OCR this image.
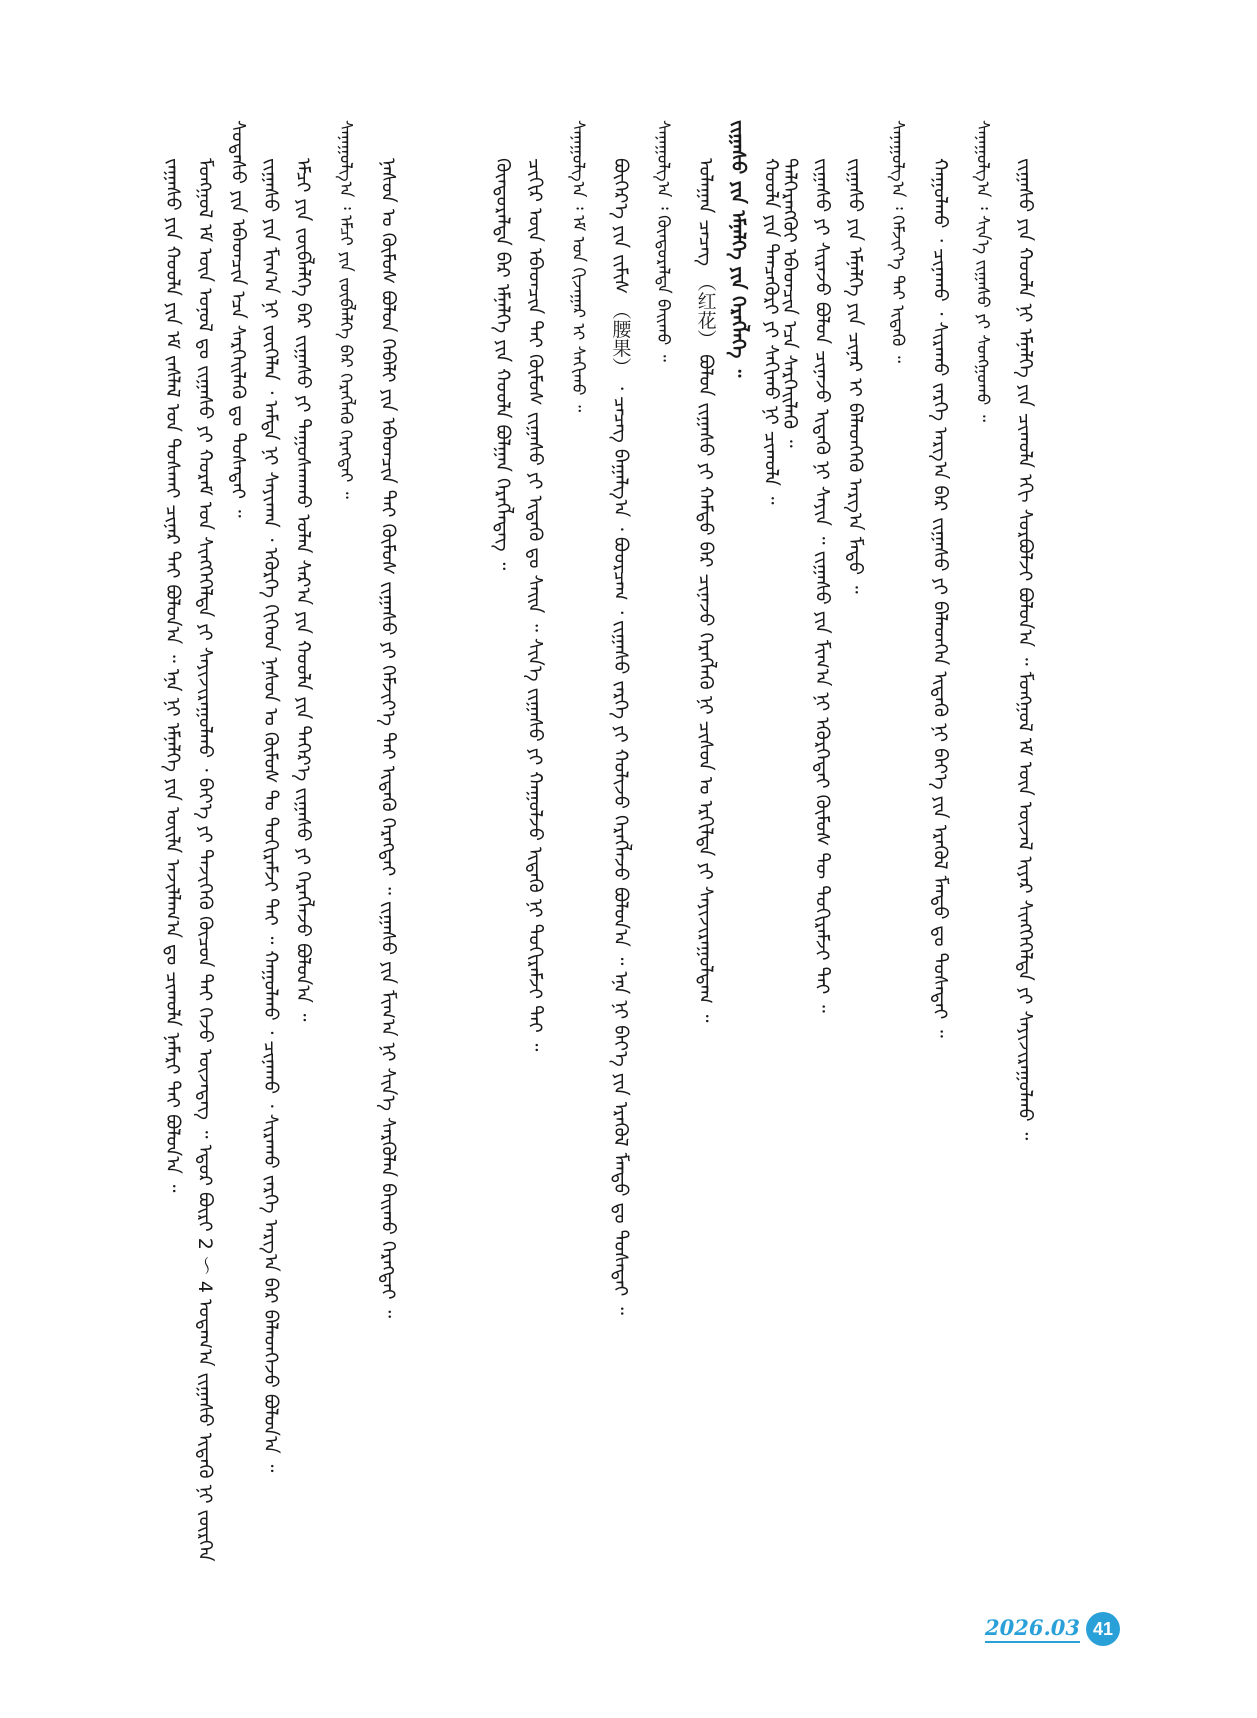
ᠵᠠᠭᠠᠰᠤ ᠶᠢᠨ ᠬᠣᠣᠯᠠ ᠶᠢᠨ ᠡᠮ ᠵᠠᠰᠯᠠᠯ ᠤᠨ ᠲᠤᠰᠬᠠᠢ ᠴᠢᠨᠠᠷ ᠲᠠᠢ ᠪᠣᠯᠤᠨ᠎ᠠ ᠃ ᠡᠨᠡ ᠨᠢ ᠡᠮᠨᠡᠯᠭᠡ ᠶᠢᠨ ᠦᠢᠯᠡ ᠠᠵᠢᠯᠯᠠᠭ᠎ᠠ ᠳᠤ ᠴᠢᠬᠤᠯᠠ ᠨᠡᠮᠡᠷᠢ ᠲᠠᠢ ᠪᠣᠯᠤᠨ᠎ᠠ ᠃ ᠮᠣᠩᠭᠣᠯ ᠡᠮ ᠦᠨ ᠣᠨᠣᠯ ᠳᠤ ᠵᠢᠭᠠᠰᠤ ᠶᠢ ᠬᠤᠷᠠᠮ ᠤᠨ ᠰᠢᠩᠭᠡᠭᠡᠯᠲᠡ ᠶᠢ ᠰᠠᠶᠢᠵᠢᠷᠠᠭᠤᠯᠬᠤ ᠂ ᠪᠡᠶ᠎ᠡ ᠶᠢ ᠲᠡᠵᠢᠭᠡᠬᠦ ᠬᠦᠴᠦᠨ ᠲᠠᠢ ᠭᠡᠵᠦ ᠦᠵᠡᠳᠡᠭ ᠃ ᠡᠳᠦᠷ ᠪᠦᠷᠢ 2 ～ 4 ᠤᠳᠠᠭ᠎ᠠ ᠵᠢᠭᠠᠰᠤ ᠢᠳᠡᠬᠦ ᠨᠢ ᠵᠦᠷᠬᠡᠨ ᠰᠤᠳᠠᠰᠤ ᠶᠢᠨ ᠡᠪᠡᠳᠴᠢᠨ ᠡᠴᠡ ᠰᠡᠷᠭᠡᠢᠯᠡᠬᠦ ᠳᠤ ᠲᠤᠰᠠᠲᠠᠢ ᠃ ᠵᠢᠭᠠᠰᠤ ᠶᠢᠨ ᠮᠢᠬ᠎ᠠ ᠨᠢ ᠵᠥᠭᠡᠯᠡᠨ ᠂ ᠠᠮᠲᠠ ᠨᠢ ᠰᠠᠶᠢᠬᠠᠨ ᠂ ᠡᠭᠦᠷᠭᠡ ᠬᠢᠭᠡᠳ ᠨᠠᠰᠤᠨ ᠤ ᠬᠦᠮᠦᠰ ᠲᠤ ᠲᠣᠬᠢᠷᠠᠮᠵᠢ ᠲᠠᠢ ᠃ ᠬᠠᠭᠤᠯᠬᠤ ᠂ ᠴᠢᠨᠠᠬᠤ ᠂ ᠰᠢᠷᠠᠬᠤ ᠵᠡᠷᠭᠡ ᠠᠷᠭ᠎ᠠ ᠪᠠᠷ ᠪᠡᠯᠡᠳᠬᠡᠵᠦ ᠪᠣᠯᠤᠨ᠎ᠠ ᠃ ᠡᠮᠴᠢ ᠶᠢᠨ ᠵᠥᠪᠯᠡᠯᠭᠡ ᠪᠡᠷ ᠵᠢᠭᠠᠰᠤ ᠶᠢ ᠳᠠᠭᠤᠰᠬᠠᠬᠤ ᠤᠯᠠᠨ ᠰᠠᠷ᠎ᠠ ᠶᠢᠨ ᠬᠣᠣᠯᠠ ᠶᠢᠨ ᠳᠡᠭᠡᠷ᠎ᠡ ᠵᠢᠭᠠᠰᠤ ᠶᠢ ᠬᠡᠷᠡᠭᠯᠡᠵᠦ ᠪᠣᠯᠤᠨ᠎ᠠ ᠃	ᠰᠠᠨᠠᠭᠤᠯᠭ᠎ᠠ ᠄ ᠡᠮᠴᠢ ᠶᠢᠨ ᠵᠦᠪᠯᠡᠯᠭᠡ ᠪᠡᠷ ᠬᠡᠷᠡᠭᠯᠡᠬᠦ ᠬᠡᠷᠡᠭᠲᠡᠢ ᠃	ᠨᠠᠰᠤᠨ ᠤ ᠬᠦᠮᠦᠰ ᠪᠣᠯᠤᠨ ᠬᠡᠪᠡᠯᠢ ᠶᠢᠨ ᠡᠪᠡᠳᠴᠢᠨ ᠲᠡᠢ ᠬᠦᠮᠦᠰ ᠵᠢᠭᠠᠰᠤ ᠶᠢ ᠬᠡᠮᠵᠢᠶ᠎ᠡ ᠲᠠᠢ ᠢᠳᠡᠬᠦ ᠬᠡᠷᠡᠭᠲᠡᠢ ᠃ ᠵᠢᠭᠠᠰᠤ ᠶᠢᠨ ᠮᠢᠬ᠎ᠠ ᠨᠢ ᠰᠢᠨ᠎ᠡ ᠰᠡᠷᠭᠦᠯᠡᠨ ᠪᠠᠢᠬᠤ ᠬᠡᠷᠡᠭᠲᠡᠢ ᠃	ᠬᠦᠨᠳᠦᠷᠡᠯᠲᠡ ᠪᠡᠷ ᠡᠮᠨᠡᠯᠭᠡ ᠶᠢᠨ ᠬᠣᠣᠯᠠ ᠪᠣᠯᠭᠠᠨ ᠬᠡᠷᠡᠭᠯᠡᠳᠡᠭ ᠃ ᠴᠢᠬᠢᠷ ᠦᠨ ᠡᠪᠡᠳᠴᠢᠨ ᠲᠡᠢ ᠬᠦᠮᠦᠰ ᠵᠢᠭᠠᠰᠤ ᠶᠢ ᠢᠳᠡᠬᠦ ᠳᠤ ᠰᠠᠢᠨ ᠃ ᠰᠢᠨ᠎ᠡ ᠵᠢᠭᠠᠰᠤ ᠶᠢ ᠬᠠᠭᠤᠯᠵᠤ ᠢᠳᠡᠬᠦ ᠨᠢ ᠲᠣᠬᠢᠷᠠᠮᠵᠢ ᠲᠠᠢ ᠃	ᠰᠠᠨᠠᠭᠤᠯᠭ᠎ᠠ ᠄ ᠡᠮ ᠤᠨ ᠬᠢᠵᠠᠭᠠᠷ ᠢ ᠰᠠᠬᠢᠬᠤ ᠃	ᠪᠥᠭᠡᠷ᠎ᠡ ᠶᠢᠨ ᠵᠢᠮᠢᠰ （腰果） ᠂ ᠴᠡᠴᠡᠭ ᠪᠠᠭᠠᠯᠭ᠎ᠠ ᠂ ᠪᠣᠣᠷᠴᠠᠭ ᠂ ᠵᠢᠭᠠᠰᠤ ᠵᠡᠷᠭᠡ ᠶᠢ ᠬᠣᠯᠢᠵᠤ ᠬᠡᠷᠡᠭᠯᠡᠵᠦ ᠪᠣᠯᠤᠨ᠎ᠠ ᠃ ᠡᠨᠡ ᠨᠢ ᠪᠡᠶ᠎ᠡ ᠶᠢᠨ ᠡᠷᠡᠭᠦᠯ ᠮᠡᠨᠳᠦ ᠳᠤ ᠲᠤᠰᠠᠲᠠᠢ ᠃

ᠰᠠᠨᠠᠭᠤᠯᠭ᠎ᠠ ᠄ ᠬᠦᠨᠳᠦᠷᠡᠯᠲᠡ ᠪᠠᠢᠬᠤ ᠃	ᠤᠯᠠᠭᠠᠨ ᠴᠡᠴᠡᠭ （红花） ᠪᠣᠯᠤᠨ ᠵᠢᠭᠠᠰᠤ ᠶᠢ ᠬᠠᠮᠲᠤ ᠪᠡᠷ ᠴᠢᠨᠠᠵᠤ ᠬᠡᠷᠡᠭᠯᠡᠬᠦ ᠨᠢ ᠴᠢᠰᠤᠨ ᠤ ᠡᠷᠭᠢᠯᠲᠡ ᠶᠢ ᠰᠠᠶᠢᠵᠢᠷᠠᠭᠤᠯᠳᠠᠭ ᠃

ᠵᠢᠭᠠᠰᠤ ᠶᠢᠨ ᠡᠮᠨᠡᠯᠭᠡ ᠶᠢᠨ ᠬᠡᠷᠡᠭᠯᠡᠭᠡ ᠃ ᠬᠣᠣᠯᠠ ᠶᠢᠨ ᠲᠡᠨᠴᠡᠭᠦᠷᠢ ᠶᠢ ᠰᠠᠬᠢᠬᠤ ᠨᠢ ᠴᠢᠬᠤᠯᠠ ᠃

ᠳᠡᠯᠭᠡᠷᠡᠩᠭᠦᠢ ᠡᠪᠡᠳᠴᠢᠨ ᠡᠴᠡ ᠰᠡᠷᠭᠡᠢᠯᠡᠬᠦ ᠃ ᠵᠢᠭᠠᠰᠤ ᠶᠢ ᠰᠢᠷᠠᠵᠤ ᠪᠣᠯᠤᠨ ᠴᠢᠨᠠᠵᠤ ᠢᠳᠡᠬᠦ ᠨᠢ ᠰᠠᠶᠢᠨ ᠃ ᠵᠢᠭᠠᠰᠤ ᠶᠢᠨ ᠮᠢᠬ᠎ᠠ ᠨᠢ ᠡᠭᠦᠷᠭᠡᠲᠡᠢ ᠬᠦᠮᠦᠰ ᠲᠦ ᠲᠣᠬᠢᠷᠠᠮᠵᠢ ᠲᠠᠢ ᠃ ᠵᠢᠭᠠᠰᠤ ᠶᠢᠨ ᠡᠮᠨᠡᠯᠭᠡ ᠶᠢᠨ ᠴᠢᠨᠠᠷ ᠢ ᠪᠡᠯᠡᠳᠬᠡᠬᠦ ᠠᠷᠭ᠎ᠠ ᠮᠡᠲᠦ ᠃	ᠰᠠᠨᠠᠭᠤᠯᠭ᠎ᠠ ᠄ ᠬᠡᠮᠵᠢᠶ᠎ᠡ ᠲᠠᠢ ᠢᠳᠡᠬᠦ ᠃	ᠬᠠᠭᠤᠯᠬᠤ ᠂ ᠴᠢᠨᠠᠬᠤ ᠂ ᠰᠢᠷᠠᠬᠤ ᠵᠡᠷᠭᠡ ᠠᠷᠭ᠎ᠠ ᠪᠠᠷ ᠵᠢᠭᠠᠰᠤ ᠶᠢ ᠪᠡᠯᠡᠳᠬᠡᠨ ᠢᠳᠡᠬᠦ ᠨᠢ ᠪᠡᠶ᠎ᠡ ᠶᠢᠨ ᠡᠷᠡᠭᠦᠯ ᠮᠡᠨᠳᠦ ᠳᠤ ᠲᠤᠰᠠᠲᠠᠢ ᠃	ᠰᠠᠨᠠᠭᠤᠯᠭ᠎ᠠ ᠄ ᠰᠢᠨ᠎ᠡ ᠵᠢᠭᠠᠰᠤ ᠶᠢ ᠰᠣᠩᠭᠣᠬᠤ ᠃	ᠵᠢᠭᠠᠰᠤ ᠶᠢᠨ ᠬᠣᠣᠯᠠ ᠨᠢ ᠡᠮᠨᠡᠯᠭᠡ ᠶᠢᠨ ᠴᠢᠬᠤᠯᠠ ᠡᠬᠢ ᠰᠤᠷᠪᠤᠯᠵᠢ ᠪᠣᠯᠤᠨ᠎ᠠ ᠃ ᠮᠣᠩᠭᠣᠯ ᠡᠮ ᠦᠨ ᠦᠵᠡᠯ ᠢᠶᠡᠷ ᠰᠢᠩᠭᠡᠭᠡᠯᠲᠡ ᠶᠢ ᠰᠠᠶᠢᠵᠢᠷᠠᠭᠤᠯᠬᠤ ᠃

2026.03 41
